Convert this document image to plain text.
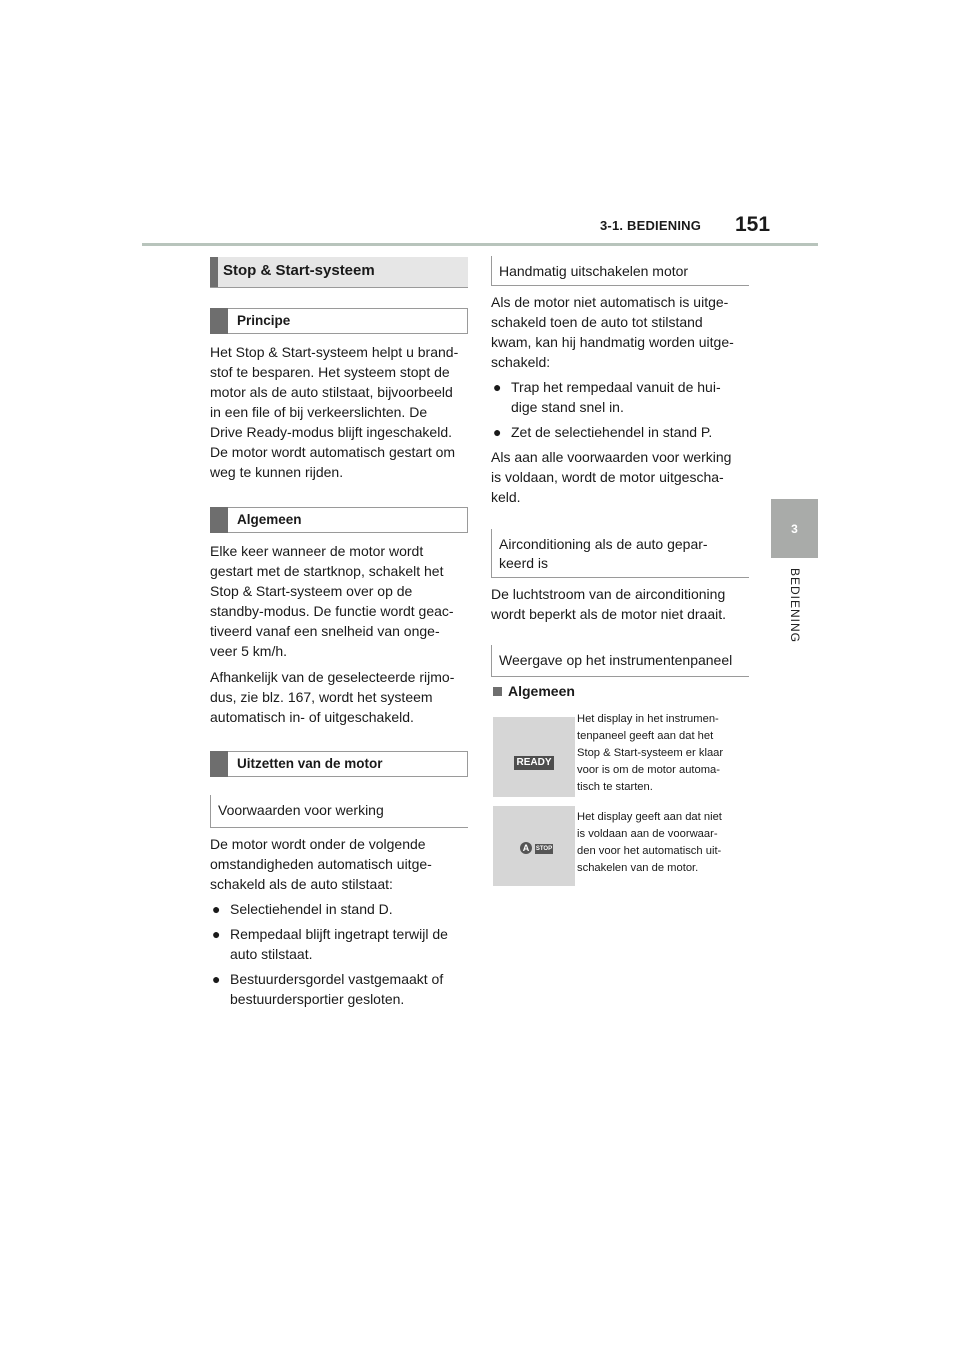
3-1. BEDIENING 151
3
BEDIENING
Stop & Start-systeem
Principe
Het Stop & Start-systeem helpt u brand-
stof te besparen. Het systeem stopt de
motor als de auto stilstaat, bijvoorbeeld
in een file of bij verkeerslichten. De
Drive Ready-modus blijft ingeschakeld.
De motor wordt automatisch gestart om
weg te kunnen rijden.
Algemeen
Elke keer wanneer de motor wordt
gestart met de startknop, schakelt het
Stop & Start-systeem over op de
standby-modus. De functie wordt geac-
tiveerd vanaf een snelheid van onge-
veer 5 km/h.
Afhankelijk van de geselecteerde rijmo-
dus, zie blz. 167, wordt het systeem
automatisch in- of uitgeschakeld.
Uitzetten van de motor
Voorwaarden voor werking
De motor wordt onder de volgende
omstandigheden automatisch uitge-
schakeld als de auto stilstaat:
● Selectiehendel in stand D.
● Rempedaal blijft ingetrapt terwijl de
auto stilstaat.
● Bestuurdersgordel vastgemaakt of
bestuurdersportier gesloten.
Handmatig uitschakelen motor
Als de motor niet automatisch is uitge-
schakeld toen de auto tot stilstand
kwam, kan hij handmatig worden uitge-
schakeld:
● Trap het rempedaal vanuit de hui-
dige stand snel in.
● Zet de selectiehendel in stand P.
Als aan alle voorwaarden voor werking
is voldaan, wordt de motor uitgescha-
keld.
Airconditioning als de auto gepar-
keerd is
De luchtstroom van de airconditioning
wordt beperkt als de motor niet draait.
Weergave op het instrumentenpaneel
Algemeen
READY
Het display in het instrumen-
tenpaneel geeft aan dat het
Stop & Start-systeem er klaar
voor is om de motor automa-
tisch te starten.
A	STOP
Het display geeft aan dat niet
is voldaan aan de voorwaar-
den voor het automatisch uit-
schakelen van de motor.
